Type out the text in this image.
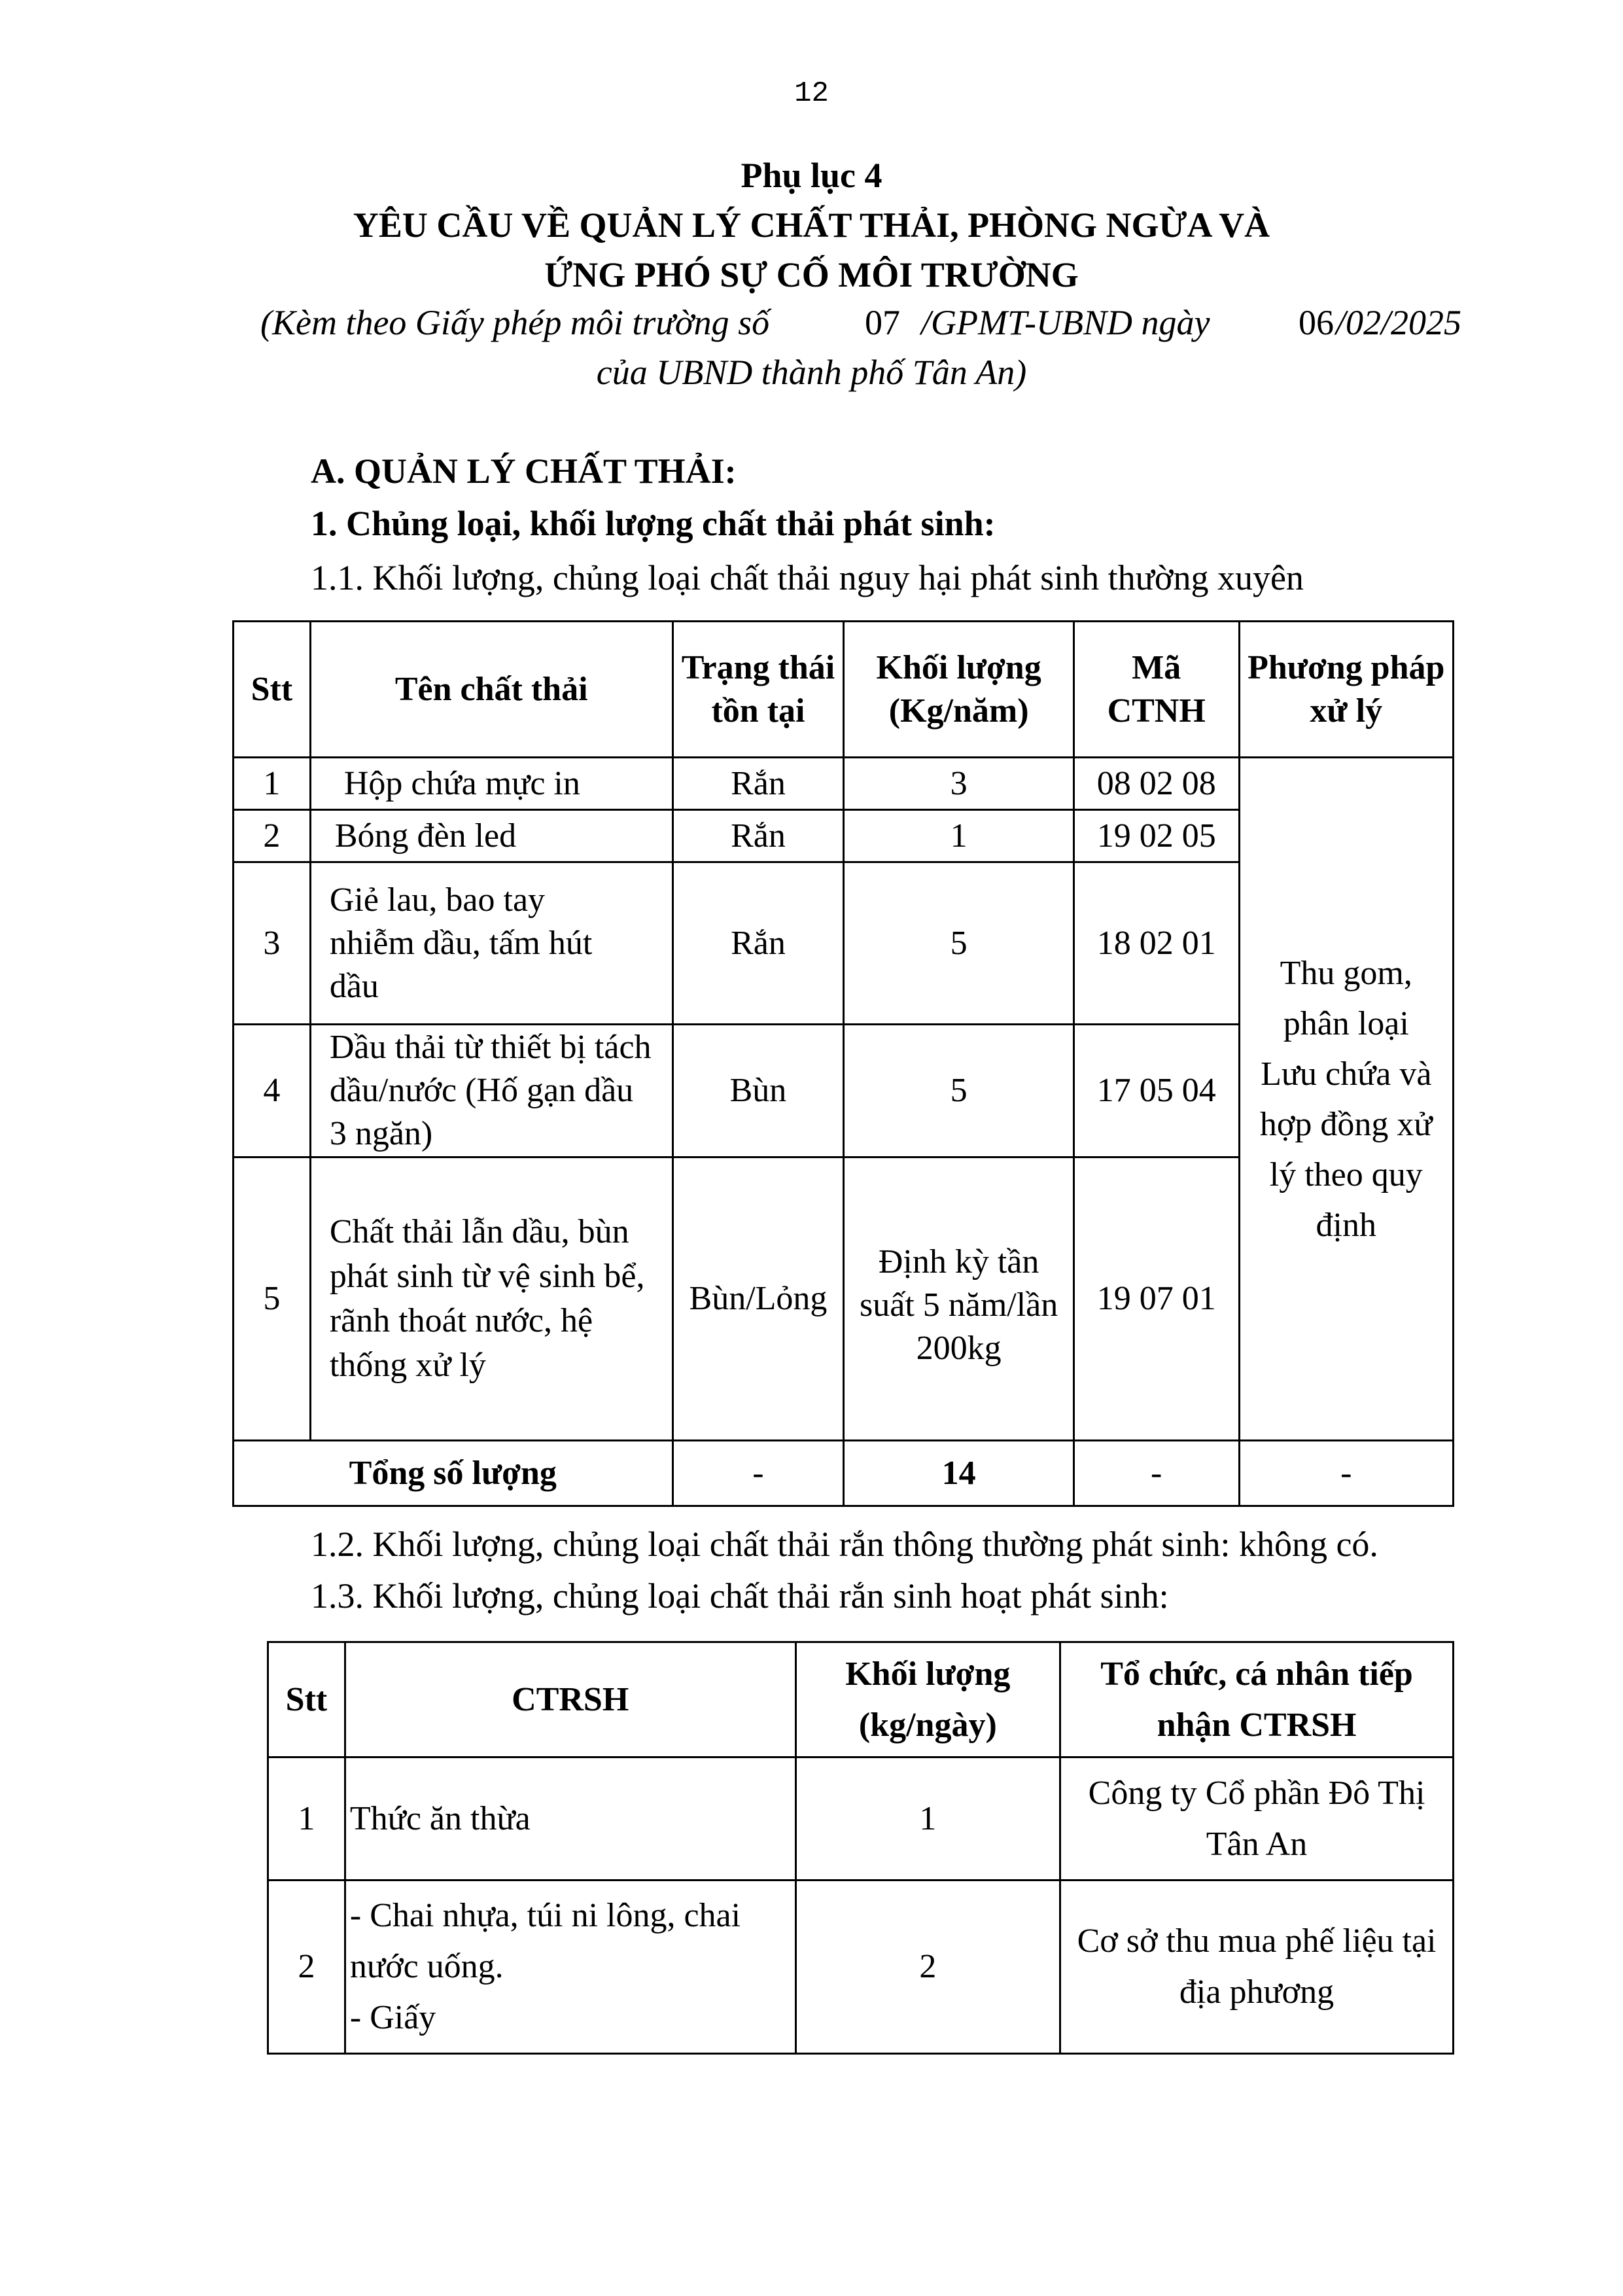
12
Phụ lục 4
YÊU CẦU VỀ QUẢN LÝ CHẤT THẢI, PHÒNG NGỪA VÀ
ỨNG PHÓ SỰ CỐ MÔI TRƯỜNG
(Kèm theo Giấy phép môi trường số	07 /GPMT-UBND ngày	06 /02/2025
của UBND thành phố Tân An)
A. QUẢN LÝ CHẤT THẢI:
1. Chủng loại, khối lượng chất thải phát sinh:
1.1. Khối lượng, chủng loại chất thải nguy hại phát sinh thường xuyên
Stt	Tên chất thải	Trạng thái tồn tại	Khối lượng (Kg/năm)	Mã CTNH	Phương pháp xử lý
1	Hộp chứa mực in	Rắn	3	08 02 08	Thu gom, phân loại Lưu chứa và hợp đồng xử lý theo quy định
2	Bóng đèn led	Rắn	1	19 02 05	
3	Giẻ lau, bao tay nhiễm dầu, tấm hút dầu	Rắn	5	18 02 01	
4	Dầu thải từ thiết bị tách dầu/nước (Hố gạn dầu 3 ngăn)	Bùn	5	17 05 04	
5	Chất thải lẫn dầu, bùn phát sinh từ vệ sinh bể, rãnh thoát nước, hệ thống xử lý	Bùn/Lỏng	Định kỳ tần suất 5 năm/lần 200kg	19 07 01	
Tổng số lượng		-	14	-	-
1.2. Khối lượng, chủng loại chất thải rắn thông thường phát sinh: không có.
1.3. Khối lượng, chủng loại chất thải rắn sinh hoạt phát sinh:
Stt	CTRSH	Khối lượng (kg/ngày)	Tổ chức, cá nhân tiếp nhận CTRSH
1	Thức ăn thừa	1	Công ty Cổ phần Đô Thị Tân An
2	- Chai nhựa, túi ni lông, chai nước uống.
- Giấy	2	Cơ sở thu mua phế liệu tại địa phương
